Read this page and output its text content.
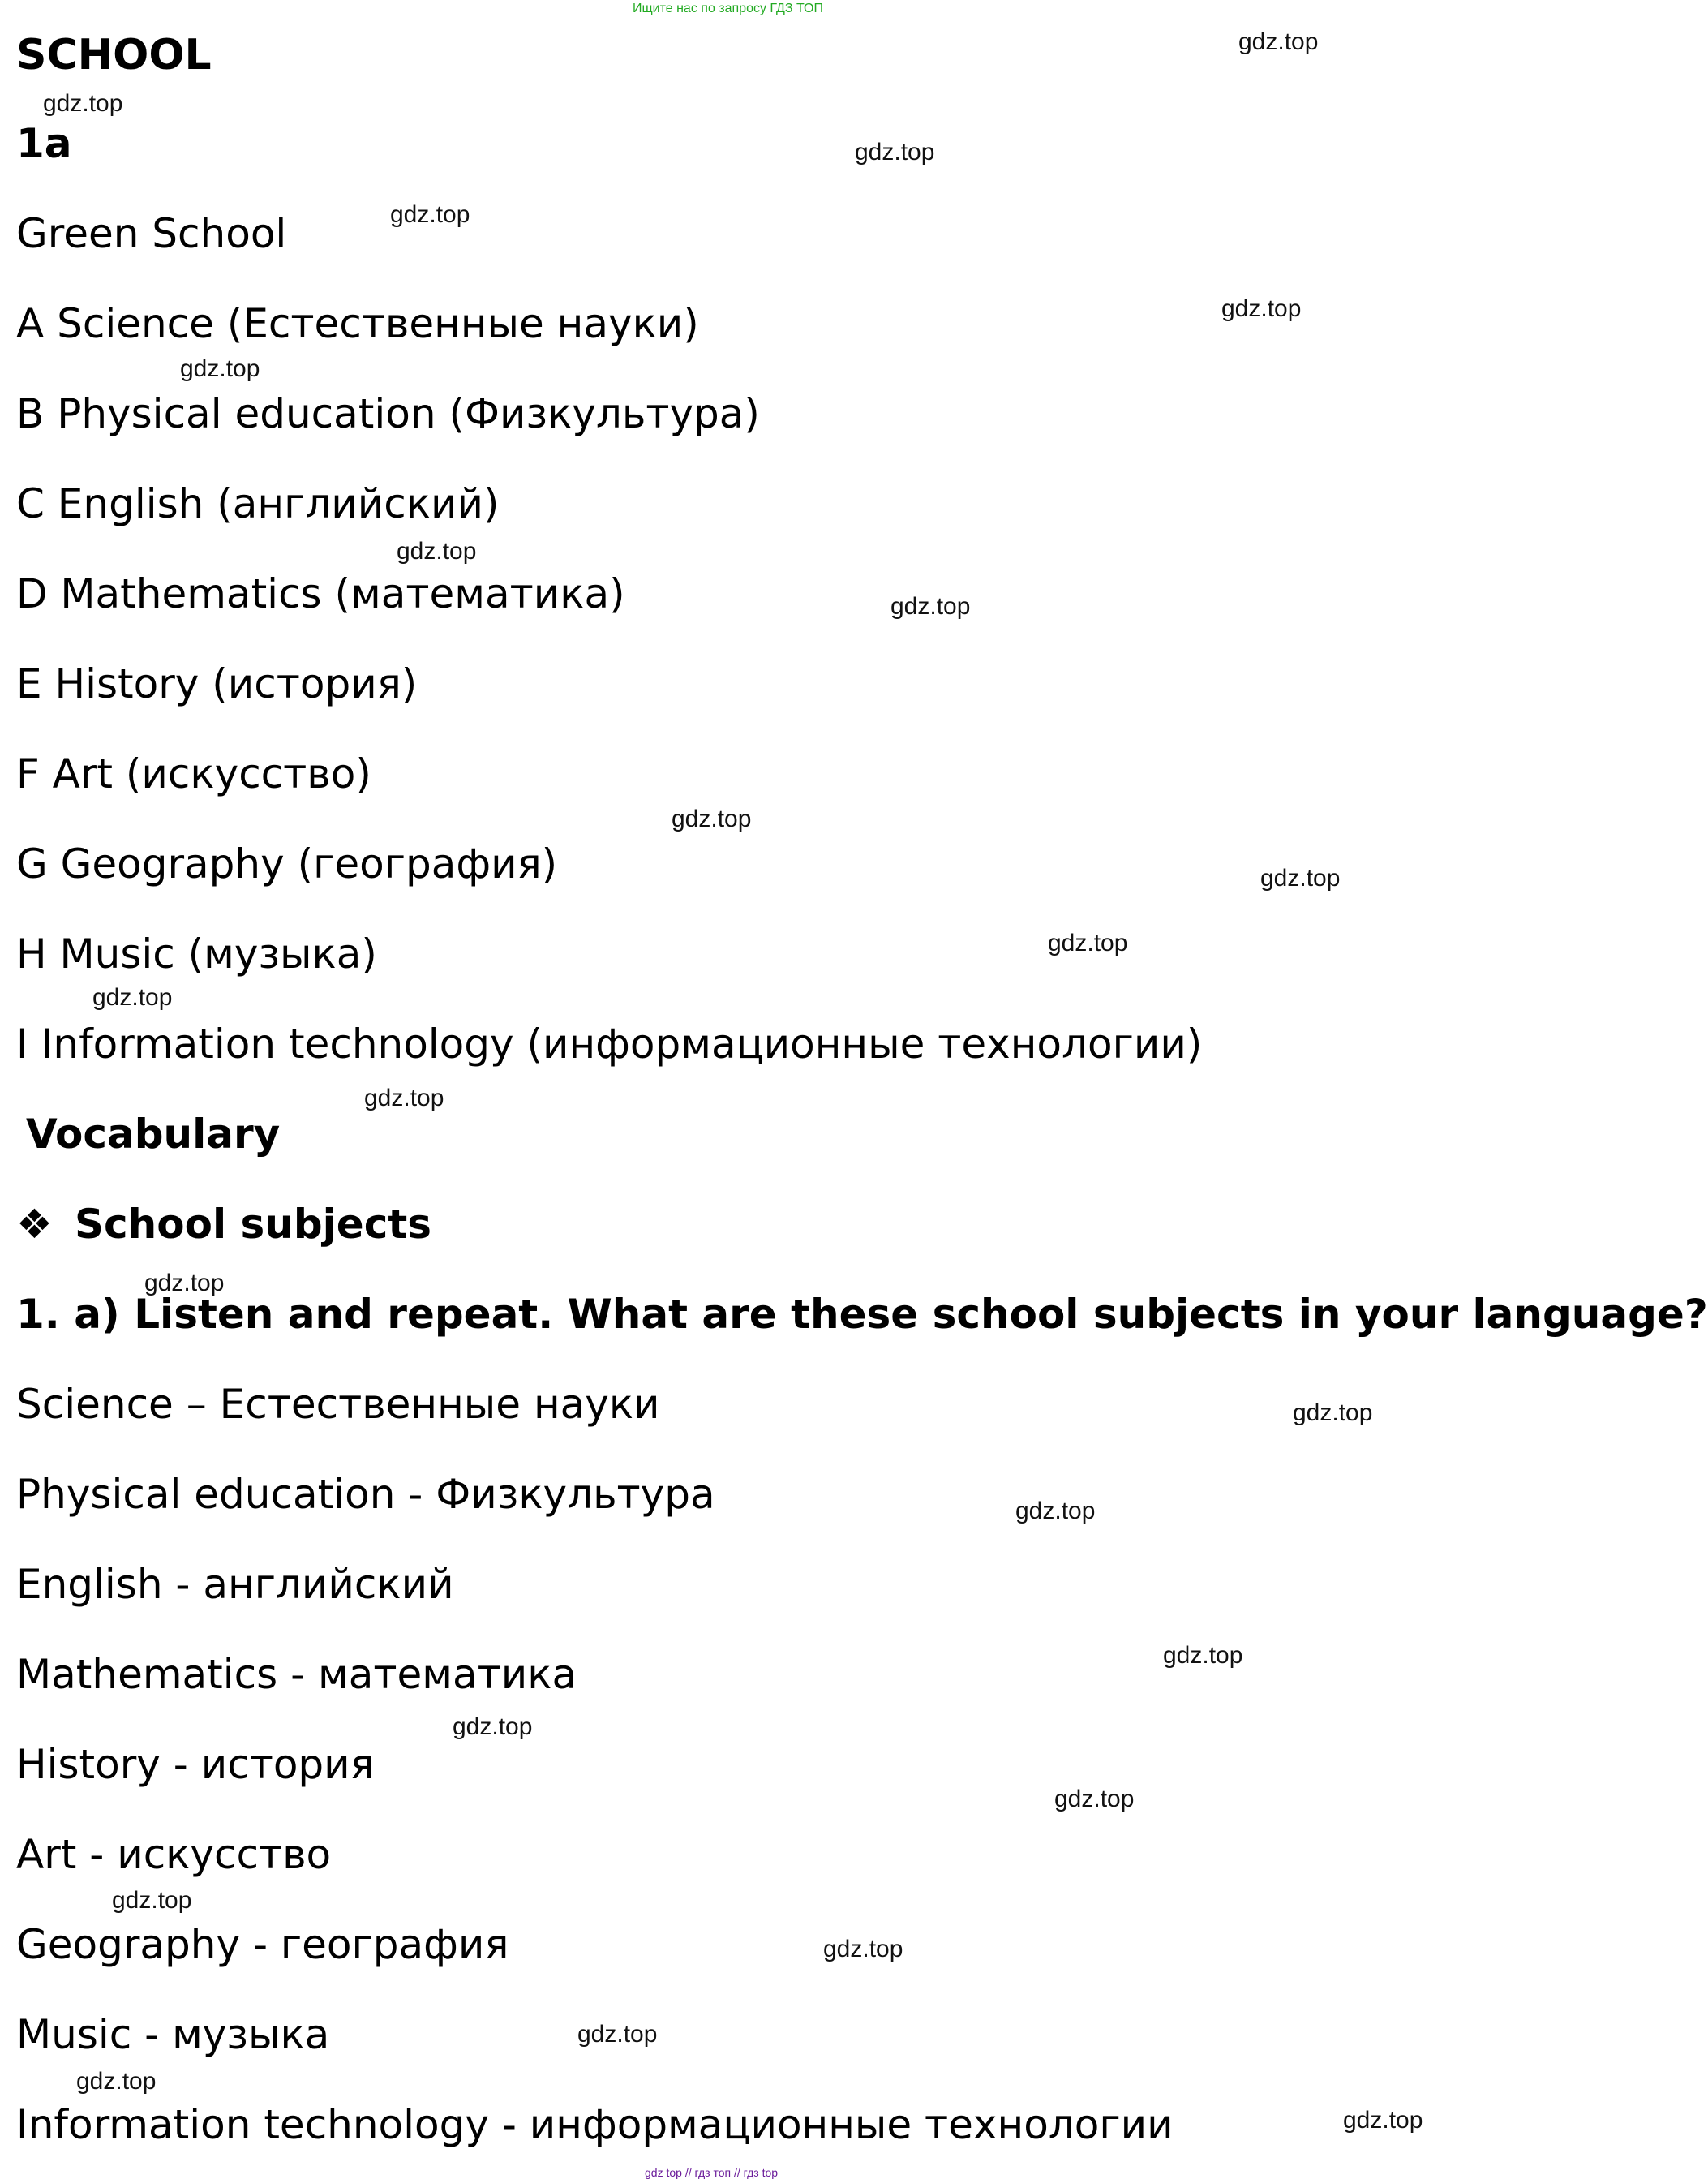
Ищите нас по запросу ГДЗ ТОП
SCHOOL
1a
Green School
A Science (Естественные науки)
B Physical education (Физкультура)
C English (английский)
D Mathematics (математика)
E History (история)
F Art (искусство)
G Geography (география)
H Music (музыка)
I Information technology (информационные технологии)
Vocabulary
❖ School subjects
1. a) Listen and repeat. What are these school subjects in your language?
Science – Естественные науки
Physical education - Физкультура
English - английский
Mathematics - математика
History - история
Art - искусство
Geography - география
Music - музыка
Information technology - информационные технологии
gdz.top
gdz.top
gdz.top
gdz.top
gdz.top
gdz.top
gdz.top
gdz.top
gdz.top
gdz.top
gdz.top
gdz.top
gdz.top
gdz.top
gdz.top
gdz.top
gdz.top
gdz.top
gdz.top
gdz.top
gdz.top
gdz.top
gdz.top
gdz.top
gdz top // гдз топ // гдз top
